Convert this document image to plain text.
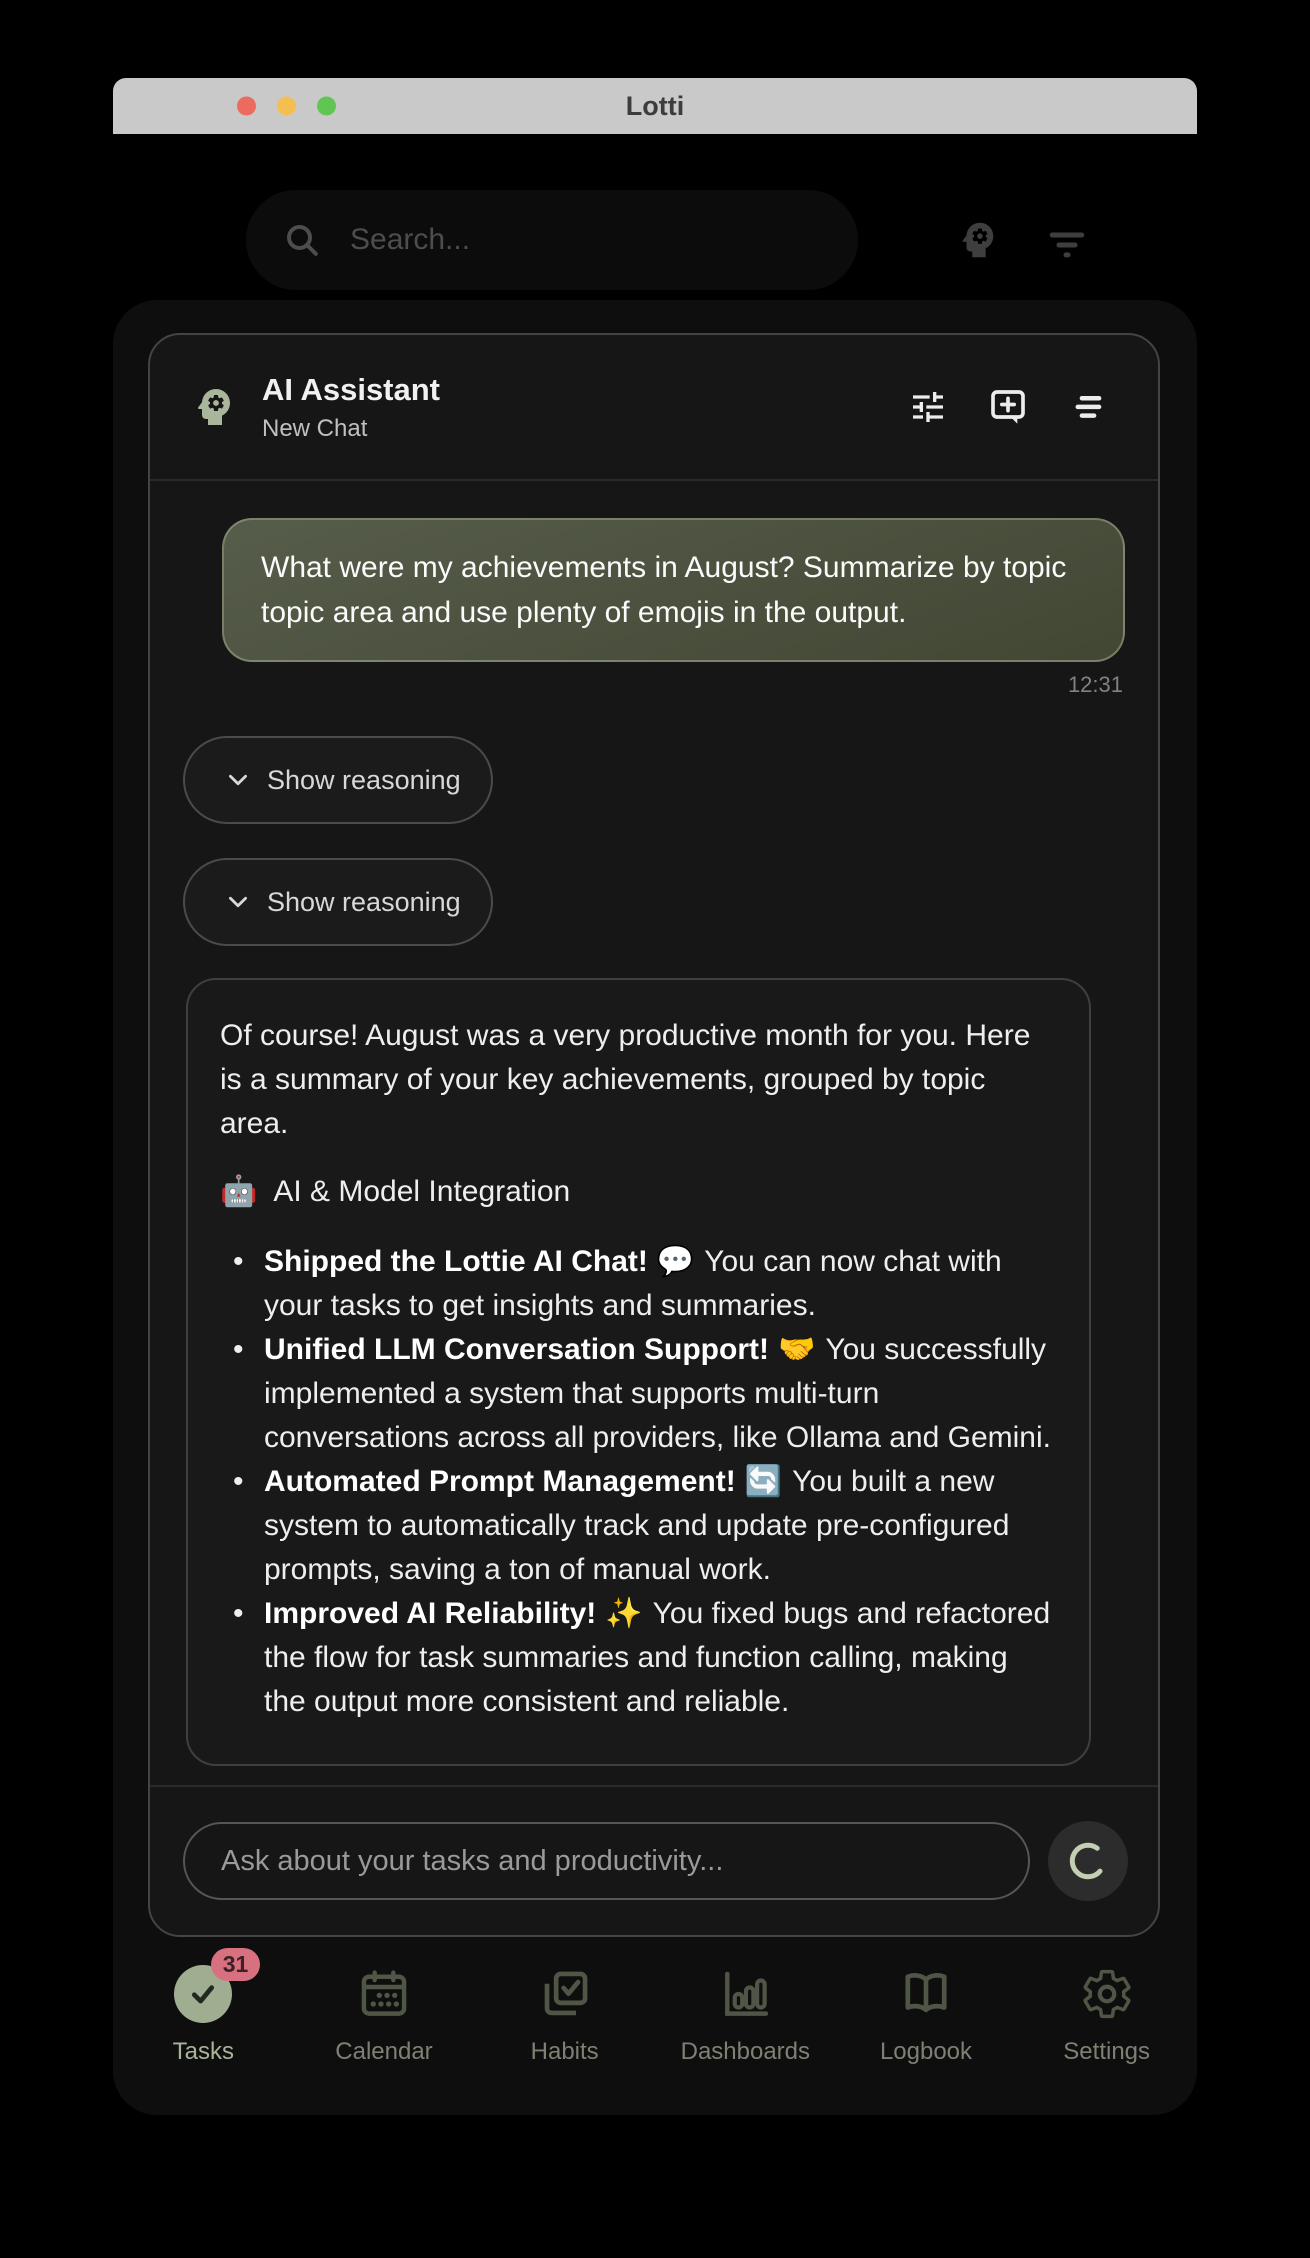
Lotti
Search...
AI Assistant
New Chat
What were my achievements in August? Summarize by topic topic area and use plenty of emojis in the output.
12:31
Show reasoning
Show reasoning

Of course! August was a very productive month for you. Here is a summary of your key achievements, grouped by topic area.

🤖 AI & Model Integration

• Shipped the Lottie AI Chat! 💬 You can now chat with your tasks to get insights and summaries.
• Unified LLM Conversation Support! 🤝 You successfully implemented a system that supports multi-turn conversations across all providers, like Ollama and Gemini.
• Automated Prompt Management! 🔄 You built a new system to automatically track and update pre-configured prompts, saving a ton of manual work.
• Improved AI Reliability! ✨ You fixed bugs and refactored the flow for task summaries and function calling, making the output more consistent and reliable.
Ask about your tasks and productivity...
31
Tasks	Calendar	Habits	Dashboards	Logbook	Settings
